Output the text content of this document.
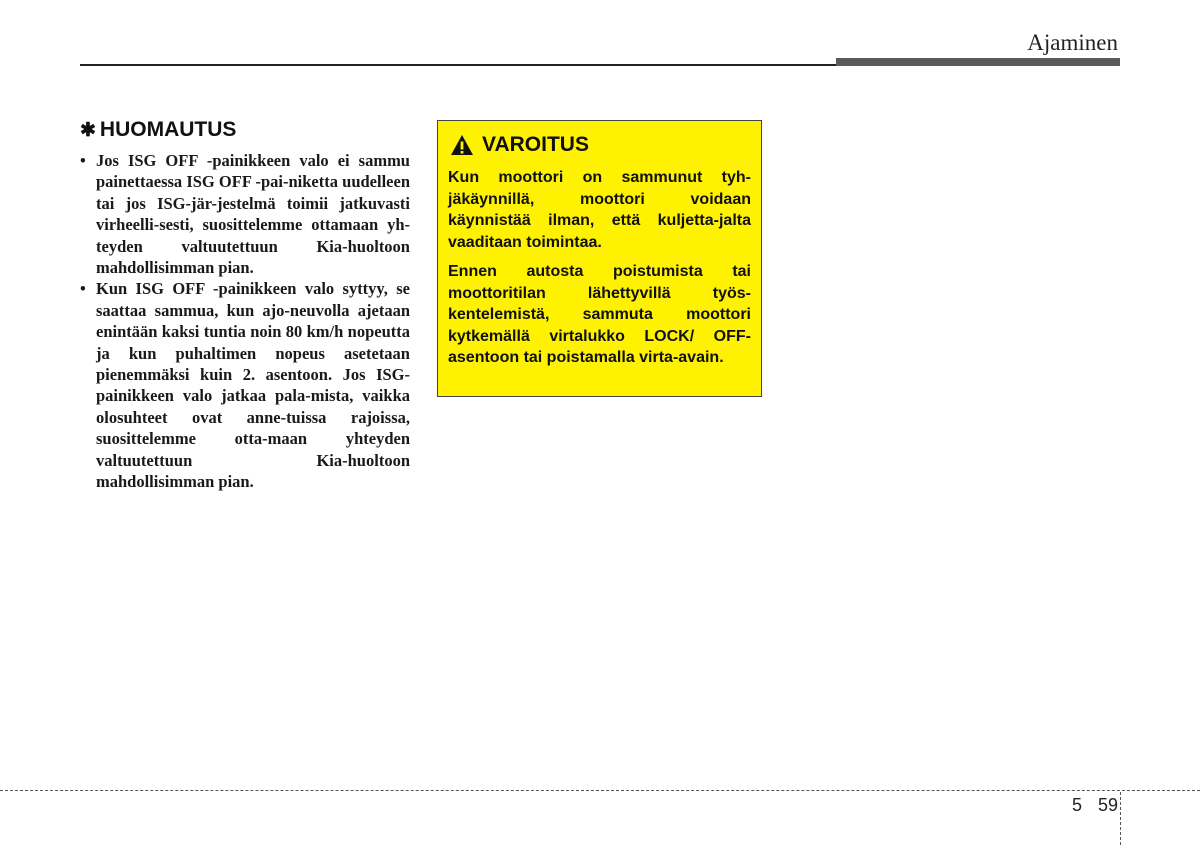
Ajaminen
✱ HUOMAUTUS
• Jos ISG OFF -painikkeen valo ei sammu painettaessa ISG OFF -pai-niketta uudelleen tai jos ISG-jär-jestelmä toimii jatkuvasti virheelli-sesti, suosittelemme ottamaan yh-teyden valtuutettuun Kia-huoltoon mahdollisimman pian.
• Kun ISG OFF -painikkeen valo syttyy, se saattaa sammua, kun ajo-neuvolla ajetaan enintään kaksi tuntia noin 80 km/h nopeutta ja kun puhaltimen nopeus asetetaan pienemmäksi kuin 2. asentoon. Jos ISG-painikkeen valo jatkaa pala-mista, vaikka olosuhteet ovat anne-tuissa rajoissa, suosittelemme otta-maan yhteyden valtuutettuun Kia-huoltoon mahdollisimman pian.
VAROITUS

Kun moottori on sammunut tyh-jäkäynnillä, moottori voidaan käynnistää ilman, että kuljetta-jalta vaaditaan toimintaa.

Ennen autosta poistumista tai moottoritilan lähettyvillä työs-kentelemistä, sammuta moottori kytkemällä virtalukko LOCK/ OFF-asentoon tai poistamalla virta-avain.

5 59
